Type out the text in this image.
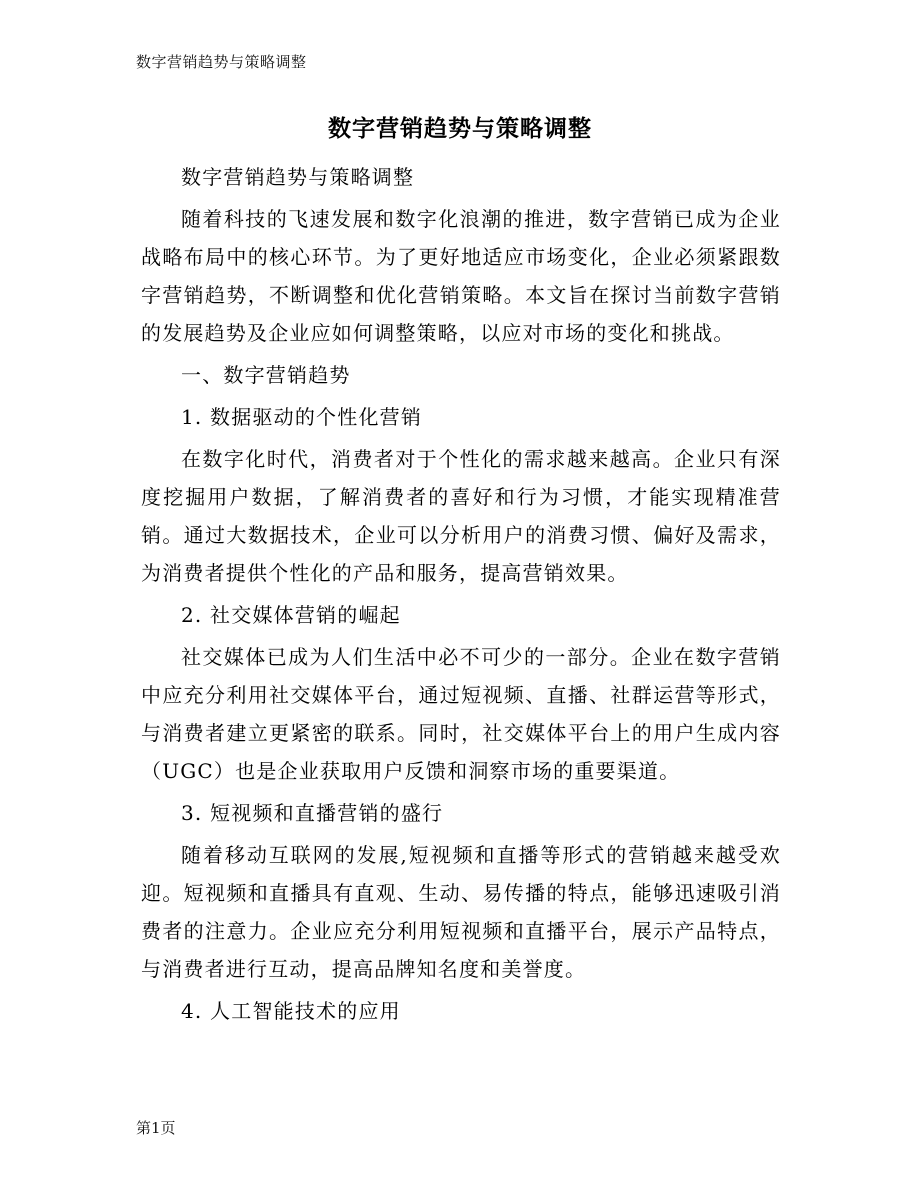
数字营销趋势与策略调整
数字营销趋势与策略调整

数字营销趋势与策略调整

随着科技的飞速发展和数字化浪潮的推进，数字营销已成为企业战略布局中的核心环节。为了更好地适应市场变化，企业必须紧跟数字营销趋势，不断调整和优化营销策略。本文旨在探讨当前数字营销的发展趋势及企业应如何调整策略，以应对市场的变化和挑战。

一、数字营销趋势

1. 数据驱动的个性化营销

在数字化时代，消费者对于个性化的需求越来越高。企业只有深度挖掘用户数据，了解消费者的喜好和行为习惯，才能实现精准营销。通过大数据技术，企业可以分析用户的消费习惯、偏好及需求，为消费者提供个性化的产品和服务，提高营销效果。

2. 社交媒体营销的崛起

社交媒体已成为人们生活中必不可少的一部分。企业在数字营销中应充分利用社交媒体平台，通过短视频、直播、社群运营等形式，与消费者建立更紧密的联系。同时，社交媒体平台上的用户生成内容（UGC）也是企业获取用户反馈和洞察市场的重要渠道。

3. 短视频和直播营销的盛行

随着移动互联网的发展,短视频和直播等形式的营销越来越受欢迎。短视频和直播具有直观、生动、易传播的特点，能够迅速吸引消费者的注意力。企业应充分利用短视频和直播平台，展示产品特点，与消费者进行互动，提高品牌知名度和美誉度。

4. 人工智能技术的应用

第1页
